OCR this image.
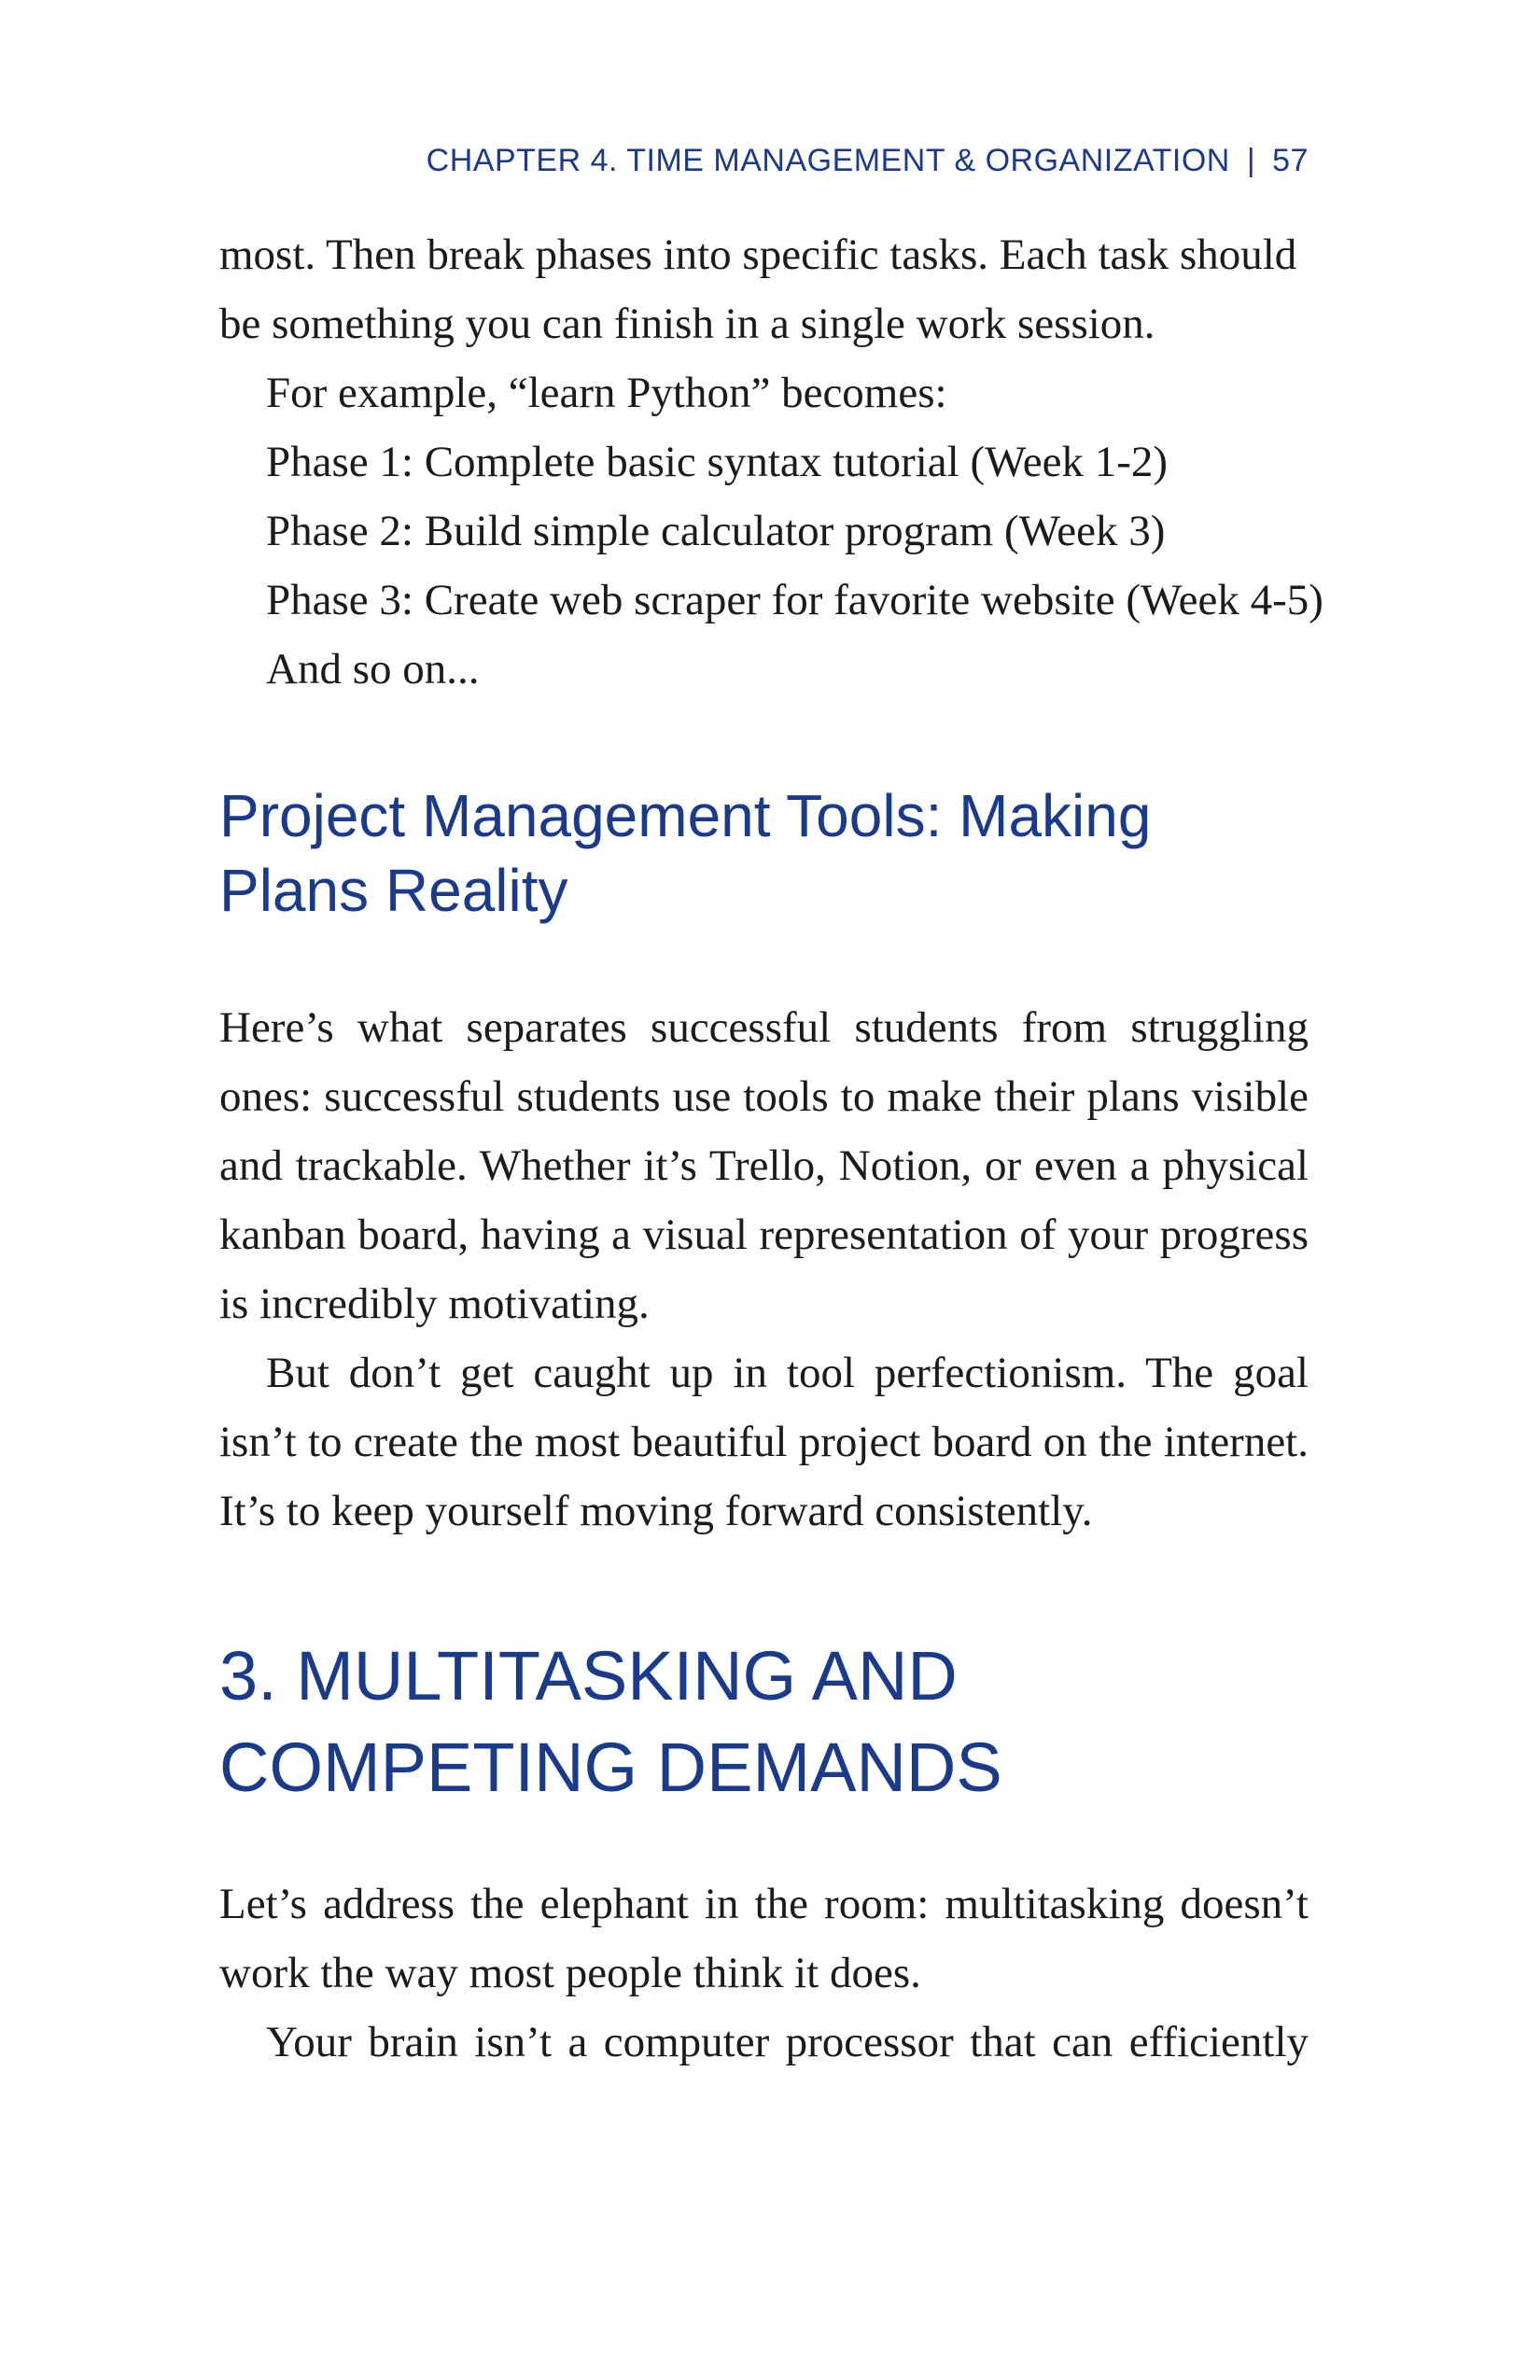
CHAPTER 4. TIME MANAGEMENT & ORGANIZATION | 57
most. Then break phases into specific tasks. Each task should
be something you can finish in a single work session.
For example, “learn Python” becomes:
Phase 1: Complete basic syntax tutorial (Week 1-2)
Phase 2: Build simple calculator program (Week 3)
Phase 3: Create web scraper for favorite website (Week 4-5)
And so on...
Project Management Tools: Making Plans Reality

Here’s what separates successful students from struggling ones: successful students use tools to make their plans visible and trackable. Whether it’s Trello, Notion, or even a physical kanban board, having a visual representation of your progress is incredibly motivating.

But don’t get caught up in tool perfectionism. The goal isn’t to create the most beautiful project board on the internet. It’s to keep yourself moving forward consistently.

3. MULTITASKING AND COMPETING DEMANDS

Let’s address the elephant in the room: multitasking doesn’t work the way most people think it does.

Your brain isn’t a computer processor that can efficiently
